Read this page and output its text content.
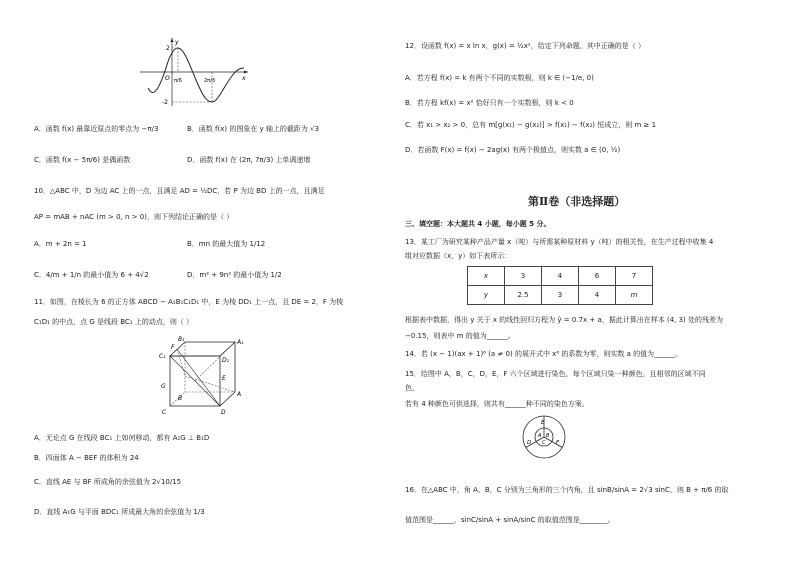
y
x
O
2
-2
π/6	2π/3
A．函数 f(x) 最靠近原点的零点为 −π/3	B．函数 f(x) 的图象在 y 轴上的截距为 √3
C．函数 f(x − 5π/6) 是偶函数	D．函数 f(x) 在 (2π, 7π/3) 上单调递增
10．△ABC 中，D 为边 AC 上的一点，且满足 AD = ½DC，若 P 为边 BD 上的一点，且满足
AP = mAB + nAC (m > 0, n > 0)，则下列结论正确的是（ ）
A．m + 2n = 1	B．mn 的最大值为 1/12
C．4/m + 1/n 的最小值为 6 + 4√2	D．m² + 9n² 的最小值为 1/2
11．如图，在棱长为 6 的正方体 ABCD − A₁B₁C₁D₁ 中，E 为棱 DD₁ 上一点，且 DE = 2，F 为棱
C₁D₁ 的中点，点 G 是线段 BC₁ 上的动点，则（ ）
B₁	A₁
C₁
F
D₁
E
G
B
A
C	D
A．无论点 G 在线段 BC₁ 上如何移动，都有 A₁G ⊥ B₁D
B．四面体 A − BEF 的体积为 24
C．直线 AE 与 BF 所成角的余弦值为 2√10/15
D．直线 A₁G 与平面 BDC₁ 所成最大角的余弦值为 1/3
12．设函数 f(x) = x ln x，g(x) = ½x²，给定下列命题，其中正确的是（ ）
A．若方程 f(x) = k 有两个不同的实数根，则 k ∈ (−1/e, 0)
B．若方程 kf(x) = x² 恰好只有一个实数根，则 k < 0
C．若 x₁ > x₂ > 0，总有 m[g(x₁) − g(x₂)] > f(x₁) − f(x₂) 恒成立，则 m ≥ 1
D．若函数 F(x) = f(x) − 2ag(x) 有两个极值点，则实数 a ∈ (0, ½)
第Ⅱ卷（非选择题）
三、填空题：本大题共 4 小题，每小题 5 分。
13．某工厂为研究某种产品产量 x（吨）与所需某种原材料 y（吨）的相关性，在生产过程中收集 4
组对应数据（x，y）如下表所示：
x	3	4	6	7
y	2.5	3	4	m
根据表中数据，得出 y 关于 x 的线性回归方程为 ŷ = 0.7x + a，据此计算出在样本 (4, 3) 处的残差为
−0.15，则表中 m 的值为______。
14．若 (x − 1)(ax + 1)⁶ (a ≠ 0) 的展开式中 x⁶ 的系数为零，则实数 a 的值为______。
15．给图中 A，B，C，D，E，F 六个区域进行染色，每个区域只染一种颜色，且相邻的区域不同
色，
若有 4 种颜色可供选择，则共有______种不同的染色方案。
E
A B
C
D	F
16．在△ABC 中，角 A，B，C 分别为三角形的三个内角，且 sinB/sinA = 2√3 sinC，则 B + π/6 的取
值范围是______，sinC/sinA + sinA/sinC 的取值范围是________。
